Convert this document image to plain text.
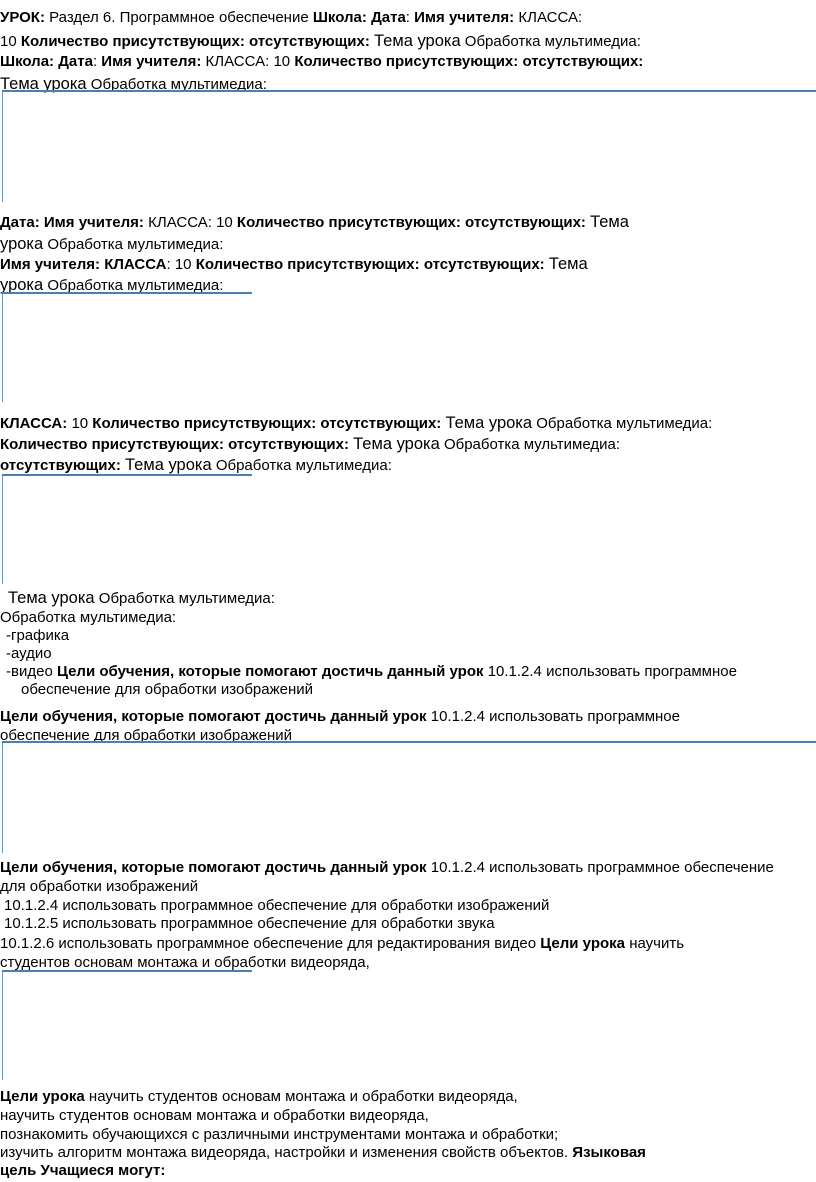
УРОК: Раздел 6. Программное обеспечение Школа: Дата: Имя учителя: КЛАССА:
10 Количество присутствующих: отсутствующих: Тема урока Обработка мультимедиа:
Школа: Дата: Имя учителя: КЛАССА: 10 Количество присутствующих: отсутствующих:
Тема урока Обработка мультимедиа:
Дата: Имя учителя: КЛАССА: 10 Количество присутствующих: отсутствующих: Тема
урока Обработка мультимедиа:
Имя учителя: КЛАССА: 10 Количество присутствующих: отсутствующих: Тема
урока Обработка мультимедиа:
КЛАССА: 10 Количество присутствующих: отсутствующих: Тема урока Обработка мультимедиа:
Количество присутствующих: отсутствующих: Тема урока Обработка мультимедиа:
отсутствующих: Тема урока Обработка мультимедиа:
Тема урока Обработка мультимедиа:
Обработка мультимедиа:
-графика
-аудио
-видео Цели обучения, которые помогают достичь данный урок 10.1.2.4 использовать программное
обеспечение для обработки изображений
Цели обучения, которые помогают достичь данный урок 10.1.2.4 использовать программное
обеспечение для обработки изображений
Цели обучения, которые помогают достичь данный урок 10.1.2.4 использовать программное обеспечение
для обработки изображений
10.1.2.4 использовать программное обеспечение для обработки изображений
10.1.2.5 использовать программное обеспечение для обработки звука
10.1.2.6 использовать программное обеспечение для редактирования видео Цели урока научить
студентов основам монтажа и обработки видеоряда,
Цели урока научить студентов основам монтажа и обработки видеоряда,
научить студентов основам монтажа и обработки видеоряда,
познакомить обучающихся с различными инструментами монтажа и обработки;
изучить алгоритм монтажа видеоряда, настройки и изменения свойств объектов. Языковая
цель Учащиеся могут:
